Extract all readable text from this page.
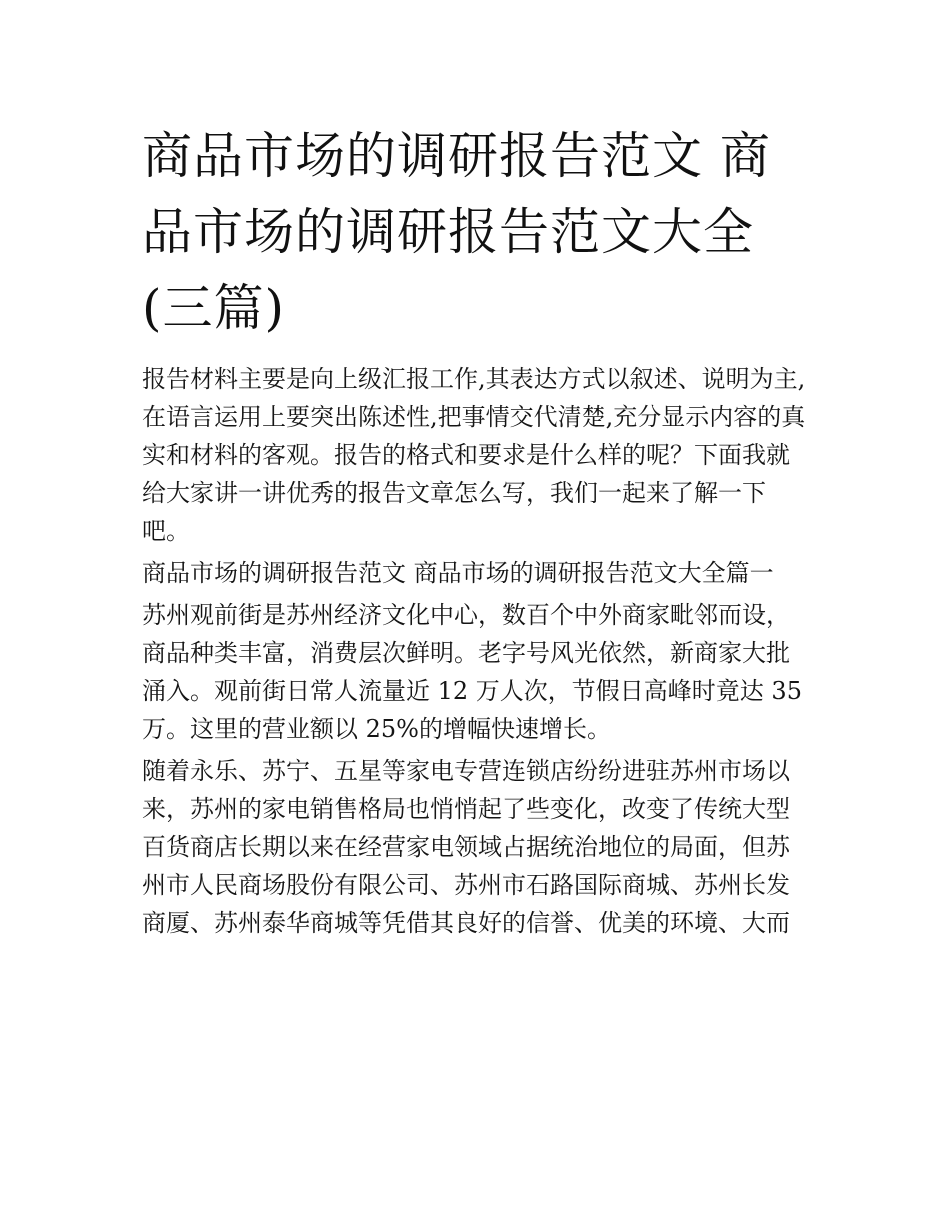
商品市场的调研报告范文 商品市场的调研报告范文大全(三篇)

报告材料主要是向上级汇报工作,其表达方式以叙述、说明为主,在语言运用上要突出陈述性,把事情交代清楚,充分显示内容的真实和材料的客观。报告的格式和要求是什么样的呢？下面我就给大家讲一讲优秀的报告文章怎么写，我们一起来了解一下吧。

商品市场的调研报告范文 商品市场的调研报告范文大全篇一

苏州观前街是苏州经济文化中心，数百个中外商家毗邻而设，商品种类丰富，消费层次鲜明。老字号风光依然，新商家大批涌入。观前街日常人流量近 12 万人次，节假日高峰时竟达 35 万。这里的营业额以 25%的增幅快速增长。

随着永乐、苏宁、五星等家电专营连锁店纷纷进驻苏州市场以来，苏州的家电销售格局也悄悄起了些变化，改变了传统大型百货商店长期以来在经营家电领域占据统治地位的局面，但苏州市人民商场股份有限公司、苏州市石路国际商城、苏州长发商厦、苏州泰华商城等凭借其良好的信誉、优美的环境、大而
